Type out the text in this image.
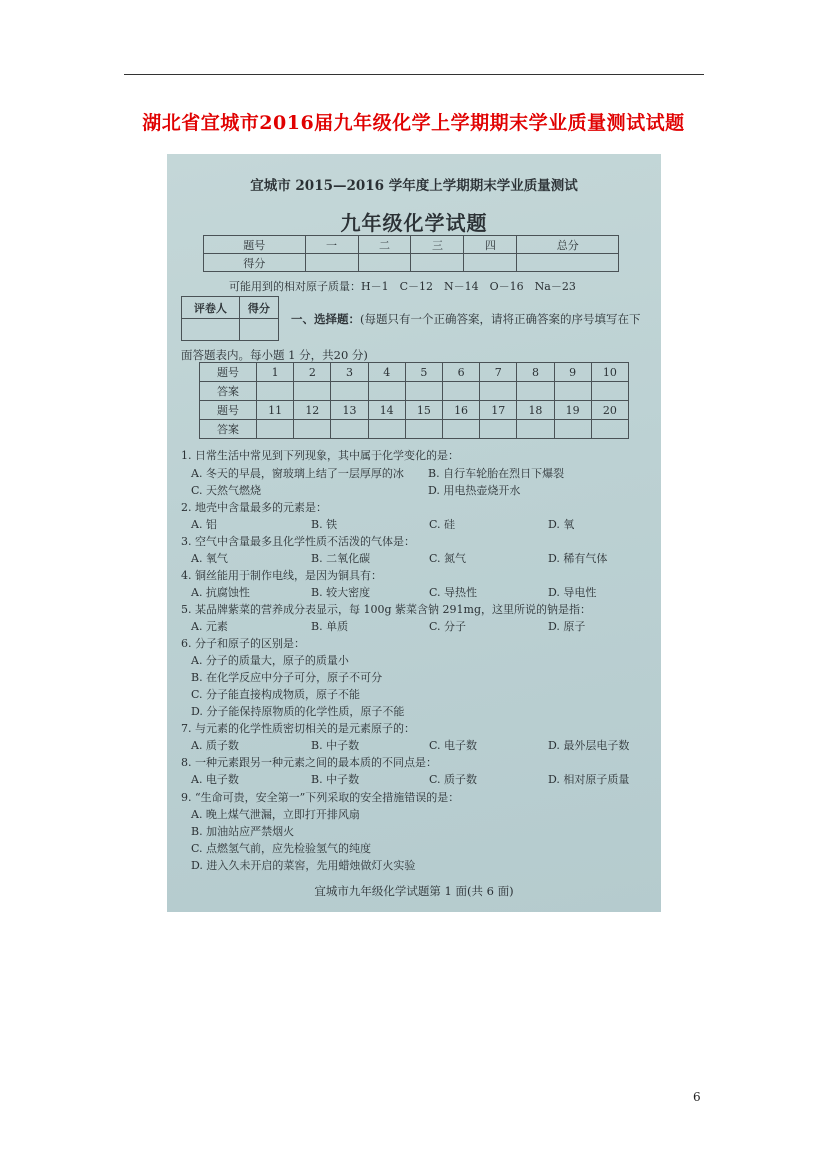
湖北省宜城市2016届九年级化学上学期期末学业质量测试试题
宜城市 2015—2016 学年度上学期期末学业质量测试
九年级化学试题
题号	一	二	三	四	总分
得分					
可能用到的相对原子质量：H－1　C－12　N－14　O－16　Na－23
评卷人	得分

一、选择题：(每题只有一个正确答案，请将正确答案的序号填写在下
面答题表内。每小题 1 分，共20 分)
题号	1	2	3	4	5	6	7	8	9	10
答案										
题号	11	12	13	14	15	16	17	18	19	20
答案										
1. 日常生活中常见到下列现象，其中属于化学变化的是：
A. 冬天的早晨，窗玻璃上结了一层厚厚的冰 B. 自行车轮胎在烈日下爆裂
C. 天然气燃烧	D. 用电热壶烧开水
2. 地壳中含量最多的元素是：
A. 铝	B. 铁	C. 硅	D. 氧
3. 空气中含量最多且化学性质不活泼的气体是：
A. 氧气	B. 二氧化碳	C. 氮气	D. 稀有气体
4. 铜丝能用于制作电线，是因为铜具有：
A. 抗腐蚀性	B. 较大密度	C. 导热性	D. 导电性
5. 某品牌紫菜的营养成分表显示，每 100g 紫菜含钠 291mg，这里所说的钠是指：
A. 元素	B. 单质	C. 分子	D. 原子
6. 分子和原子的区别是：
A. 分子的质量大，原子的质量小
B. 在化学反应中分子可分，原子不可分
C. 分子能直接构成物质，原子不能
D. 分子能保持原物质的化学性质，原子不能
7. 与元素的化学性质密切相关的是元素原子的：
A. 质子数	B. 中子数	C. 电子数	D. 最外层电子数
8. 一种元素跟另一种元素之间的最本质的不同点是：
A. 电子数	B. 中子数	C. 质子数	D. 相对原子质量
9. “生命可贵，安全第一”下列采取的安全措施错误的是：
A. 晚上煤气泄漏，立即打开排风扇
B. 加油站应严禁烟火
C. 点燃氢气前，应先检验氢气的纯度
D. 进入久未开启的菜窖，先用蜡烛做灯火实验
宜城市九年级化学试题第 1 面(共 6 面)
6
